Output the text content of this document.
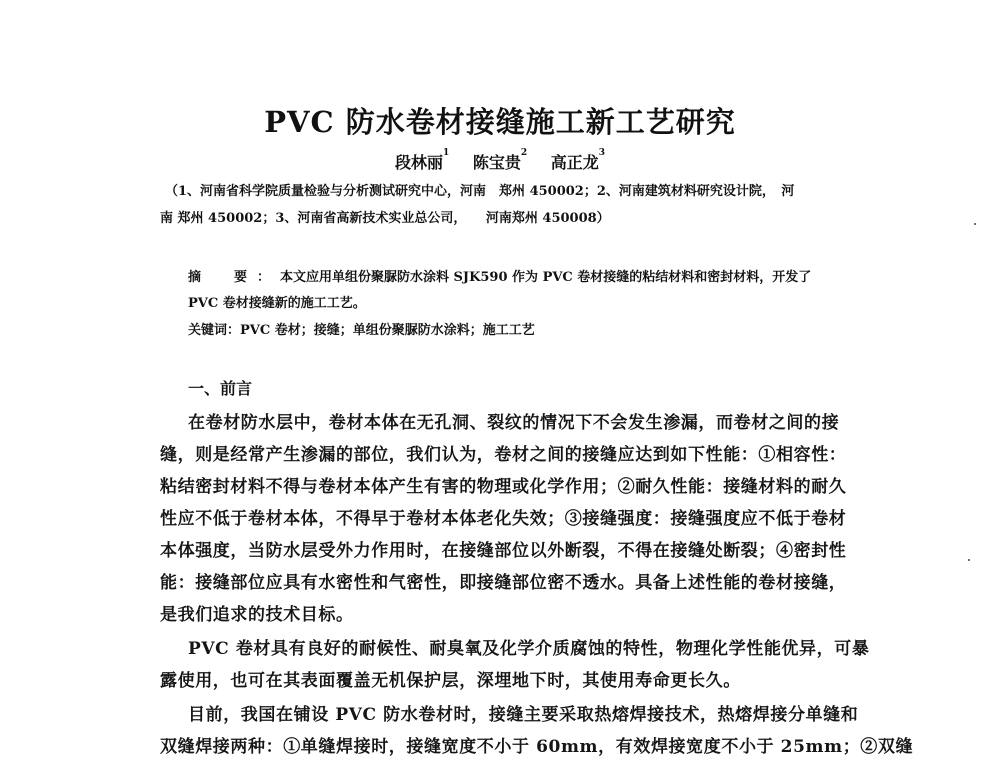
PVC 防水卷材接缝施工新工艺研究
段林丽$^1$ 陈宝贵$^2$ 高正龙$^3$
（1、河南省科学院质量检验与分析测试研究中心，河南　郑州 450002；2、河南建筑材料研究设计院，　河
南 郑州 450002；3、河南省高新技术实业总公司，　　河南郑州 450008）
摘　要：本文应用单组份聚脲防水涂料 SJK590 作为 PVC 卷材接缝的粘结材料和密封材料，开发了
PVC 卷材接缝新的施工工艺。
关键词：PVC 卷材；接缝；单组份聚脲防水涂料；施工工艺
一、前言
在卷材防水层中，卷材本体在无孔洞、裂纹的情况下不会发生渗漏，而卷材之间的接
缝，则是经常产生渗漏的部位，我们认为，卷材之间的接缝应达到如下性能：①相容性：
粘结密封材料不得与卷材本体产生有害的物理或化学作用；②耐久性能：接缝材料的耐久
性应不低于卷材本体，不得早于卷材本体老化失效；③接缝强度：接缝强度应不低于卷材
本体强度，当防水层受外力作用时，在接缝部位以外断裂，不得在接缝处断裂；④密封性
能：接缝部位应具有水密性和气密性，即接缝部位密不透水。具备上述性能的卷材接缝，
是我们追求的技术目标。
PVC 卷材具有良好的耐候性、耐臭氧及化学介质腐蚀的特性，物理化学性能优异，可暴
露使用，也可在其表面覆盖无机保护层，深埋地下时，其使用寿命更长久。
目前，我国在铺设 PVC 防水卷材时，接缝主要采取热熔焊接技术，热熔焊接分单缝和
双缝焊接两种：①单缝焊接时，接缝宽度不小于 60mm，有效焊接宽度不小于 25mm；②双缝
